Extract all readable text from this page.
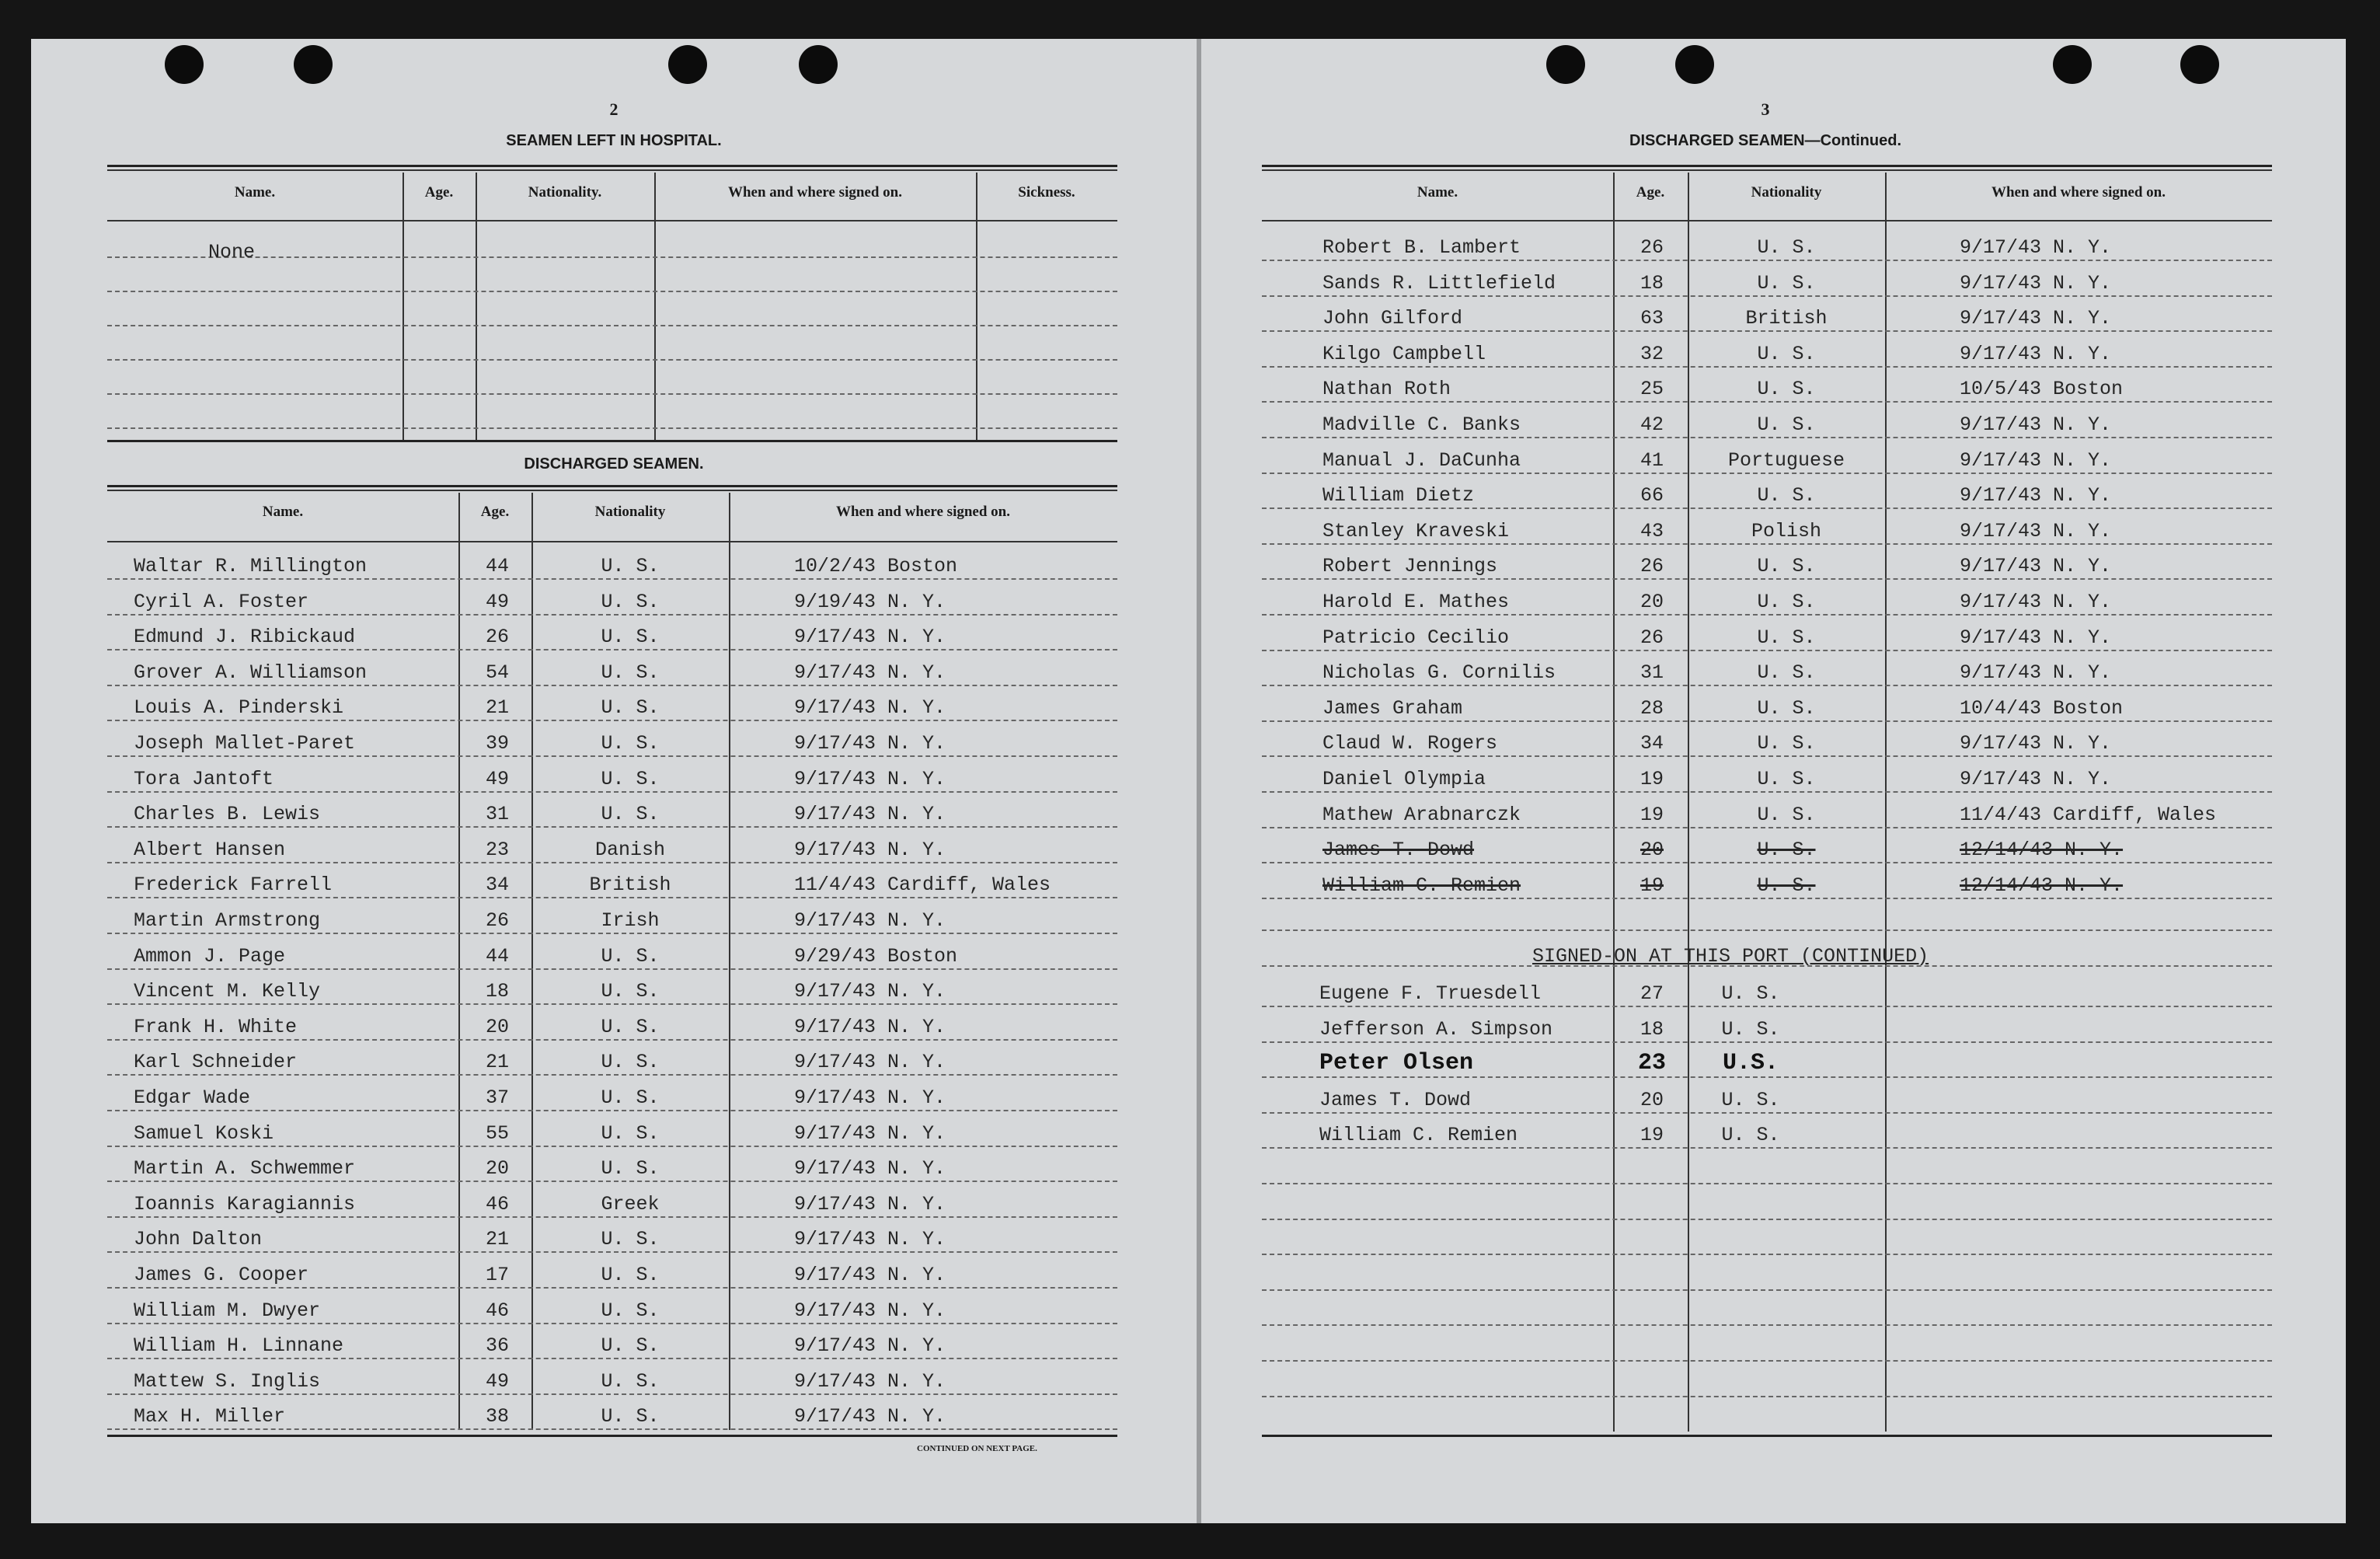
2
SEAMEN LEFT IN HOSPITAL.
Name.	Age.	Nationality.	When and where signed on.	Sickness.
None
Name.	Age.	Nationality	When and where signed on.
Waltar R. Millington	44	U. S.	10/2/43 Boston
Cyril A. Foster	49	U. S.	9/19/43 N. Y.
Edmund J. Ribickaud	26	U. S.	9/17/43 N. Y.
Grover A. Williamson	54	U. S.	9/17/43 N. Y.
Louis A. Pinderski	21	U. S.	9/17/43 N. Y.
Joseph Mallet-Paret	39	U. S.	9/17/43 N. Y.
Tora Jantoft	49	U. S.	9/17/43 N. Y.
Charles B. Lewis	31	U. S.	9/17/43 N. Y.
Albert Hansen	23	Danish	9/17/43 N. Y.
Frederick Farrell	34	British	11/4/43 Cardiff, Wales
Martin Armstrong	26	Irish	9/17/43 N. Y.
Ammon J. Page	44	U. S.	9/29/43 Boston
Vincent M. Kelly	18	U. S.	9/17/43 N. Y.
Frank H. White	20	U. S.	9/17/43 N. Y.
Karl Schneider	21	U. S.	9/17/43 N. Y.
Edgar Wade	37	U. S.	9/17/43 N. Y.
Samuel Koski	55	U. S.	9/17/43 N. Y.
Martin A. Schwemmer	20	U. S.	9/17/43 N. Y.
Ioannis Karagiannis	46	Greek	9/17/43 N. Y.
John Dalton	21	U. S.	9/17/43 N. Y.
James G. Cooper	17	U. S.	9/17/43 N. Y.
William M. Dwyer	46	U. S.	9/17/43 N. Y.
William H. Linnane	36	U. S.	9/17/43 N. Y.
Mattew S. Inglis	49	U. S.	9/17/43 N. Y.
Max H. Miller	38	U. S.	9/17/43 N. Y.
DISCHARGED SEAMEN.
CONTINUED ON NEXT PAGE.
3
DISCHARGED SEAMEN—Continued.
Name.	Age.	Nationality	When and where signed on.
Robert B. Lambert	26	U. S.	9/17/43 N. Y.
Sands R. Littlefield	18	U. S.	9/17/43 N. Y.
John Gilford	63	British	9/17/43 N. Y.
Kilgo Campbell	32	U. S.	9/17/43 N. Y.
Nathan Roth	25	U. S.	10/5/43 Boston
Madville C. Banks	42	U. S.	9/17/43 N. Y.
Manual J. DaCunha	41	Portuguese	9/17/43 N. Y.
William Dietz	66	U. S.	9/17/43 N. Y.
Stanley Kraveski	43	Polish	9/17/43 N. Y.
Robert Jennings	26	U. S.	9/17/43 N. Y.
Harold E. Mathes	20	U. S.	9/17/43 N. Y.
Patricio Cecilio	26	U. S.	9/17/43 N. Y.
Nicholas G. Cornilis	31	U. S.	9/17/43 N. Y.
James Graham	28	U. S.	10/4/43 Boston
Claud W. Rogers	34	U. S.	9/17/43 N. Y.
Daniel Olympia	19	U. S.	9/17/43 N. Y.
Mathew Arabnarczk	19	U. S.	11/4/43 Cardiff, Wales
James T. Dowd	20	U. S.	12/14/43 N. Y.
William C. Remien	19	U. S.	12/14/43 N. Y.
SIGNED-ON AT THIS PORT (CONTINUED)
Eugene F. Truesdell	27	U. S.
Jefferson A. Simpson	18	U. S.
Peter Olsen	23	U.S.
James T. Dowd	20	U. S.
William C. Remien	19	U. S.
